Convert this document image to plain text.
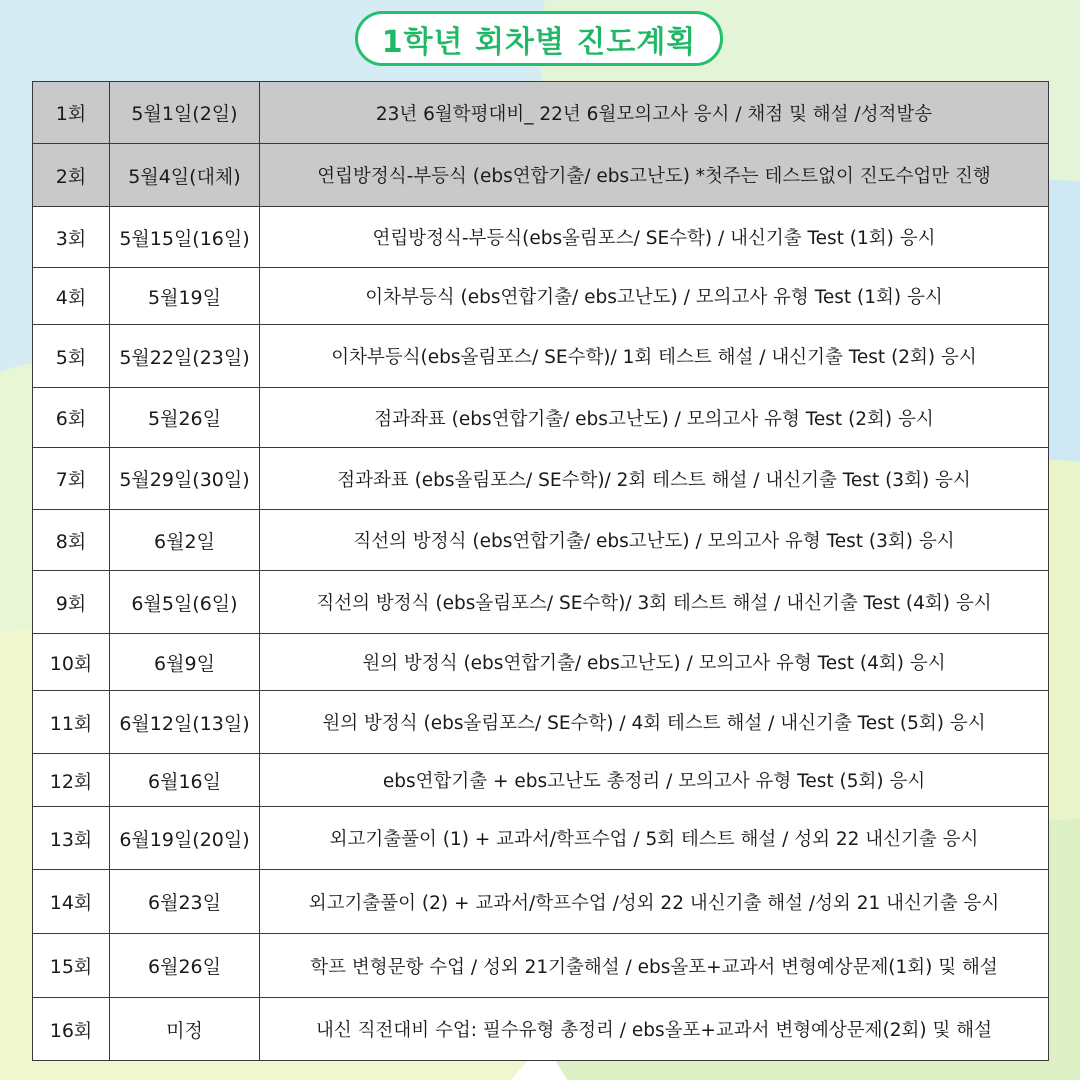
1학년 회차별 진도계획
1회	5월1일(2일)	23년 6월학평대비_ 22년 6월모의고사 응시 / 채점 및 해설 /성적발송
2회	5월4일(대체)	연립방정식-부등식 (ebs연합기출/ ebs고난도) *첫주는 테스트없이 진도수업만 진행
3회	5월15일(16일)	연립방정식-부등식(ebs올림포스/ SE수학) / 내신기출 Test (1회) 응시
4회	5월19일	이차부등식 (ebs연합기출/ ebs고난도) / 모의고사 유형 Test (1회) 응시
5회	5월22일(23일)	이차부등식(ebs올림포스/ SE수학)/ 1회 테스트 해설 / 내신기출 Test (2회) 응시
6회	5월26일	점과좌표 (ebs연합기출/ ebs고난도) / 모의고사 유형 Test (2회) 응시
7회	5월29일(30일)	점과좌표 (ebs올림포스/ SE수학)/ 2회 테스트 해설 / 내신기출 Test (3회) 응시
8회	6월2일	직선의 방정식 (ebs연합기출/ ebs고난도) / 모의고사 유형 Test (3회) 응시
9회	6월5일(6일)	직선의 방정식 (ebs올림포스/ SE수학)/ 3회 테스트 해설 / 내신기출 Test (4회) 응시
10회	6월9일	원의 방정식 (ebs연합기출/ ebs고난도) / 모의고사 유형 Test (4회) 응시
11회	6월12일(13일)	원의 방정식 (ebs올림포스/ SE수학) / 4회 테스트 해설 / 내신기출 Test (5회) 응시
12회	6월16일	ebs연합기출 + ebs고난도 총정리 / 모의고사 유형 Test (5회) 응시
13회	6월19일(20일)	외고기출풀이 (1) + 교과서/학프수업 / 5회 테스트 해설 / 성외 22 내신기출 응시
14회	6월23일	외고기출풀이 (2) + 교과서/학프수업 /성외 22 내신기출 해설 /성외 21 내신기출 응시
15회	6월26일	학프 변형문항 수업 / 성외 21기출해설 / ebs올포+교과서 변형예상문제(1회) 및 해설
16회	미정	내신 직전대비 수업: 필수유형 총정리 / ebs올포+교과서 변형예상문제(2회) 및 해설
